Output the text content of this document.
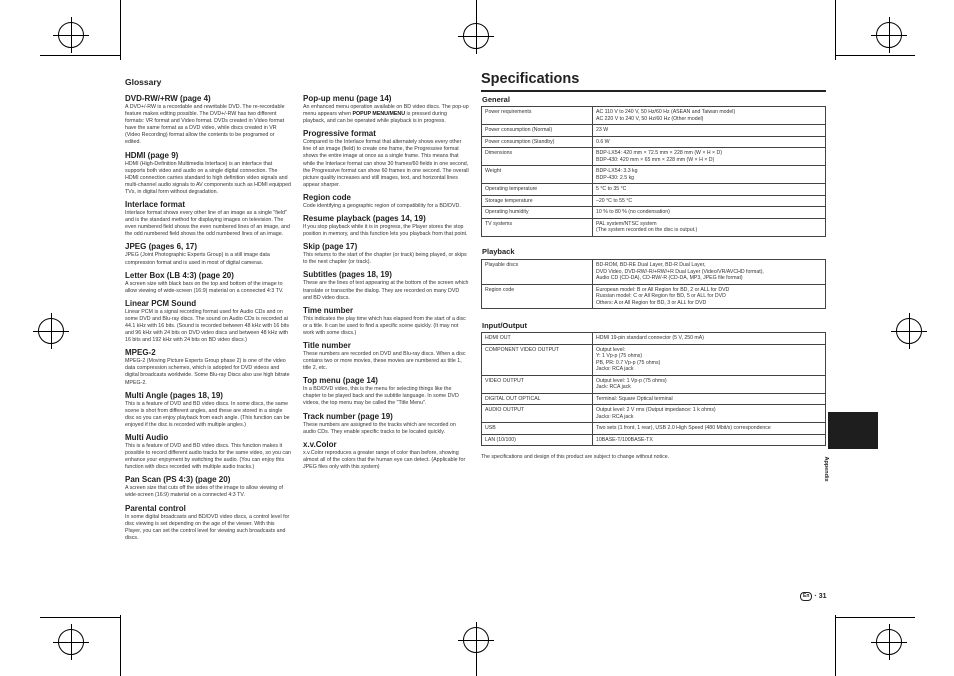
Glossary
DVD-RW/+RW (page 4)
A DVD+/-RW is a recordable and rewritable DVD. The re-recordable feature makes editing possible. The DVD+/-RW has two different formats: VR format and Video format. DVDs created in Video format have the same format as a DVD video, while discs created in VR (Video Recording) format allow the contents to be programed or edited.
HDMI (page 9)
HDMI (High-Definition Multimedia Interface) is an interface that supports both video and audio on a single digital connection. The HDMI connection carries standard to high definition video signals and multi-channel audio signals to AV components such as HDMI equipped TVs, in digital form without degradation.
Interlace format
Interlace format shows every other line of an image as a single "field" and is the standard method for displaying images on television. The even numbered field shows the even numbered lines of an image, and the odd numbered field shows the odd numbered lines of an image.
JPEG (pages 6, 17)
JPEG (Joint Photographic Experts Group) is a still image data compression format and is used in most of digital cameras.
Letter Box (LB 4:3) (page 20)
A screen size with black bars on the top and bottom of the image to allow viewing of wide-screen (16:9) material on a connected 4:3 TV.
Linear PCM Sound
Linear PCM is a signal recording format used for Audio CDs and on some DVD and Blu-ray discs. The sound on Audio CDs is recorded at 44.1 kHz with 16 bits. (Sound is recorded between 48 kHz with 16 bits and 96 kHz with 24 bits on DVD video discs and between 48 kHz with 16 bits and 192 kHz with 24 bits on BD video discs.)
MPEG-2
MPEG-2 (Moving Picture Experts Group phase 2) is one of the video data compression schemes, which is adopted for DVD videos and digital broadcasts worldwide. Some Blu-ray Discs also use high bitrate MPEG-2.
Multi Angle (pages 18, 19)
This is a feature of DVD and BD video discs. In some discs, the same scene is shot from different angles, and these are stored in a single disc so you can enjoy playback from each angle. (This function can be enjoyed if the disc is recorded with multiple angles.)
Multi Audio
This is a feature of DVD and BD video discs. This function makes it possible to record different audio tracks for the same video, so you can enhance your enjoyment by switching the audio. (You can enjoy this function with discs recorded with multiple audio tracks.)
Pan Scan (PS 4:3) (page 20)
A screen size that cuts off the sides of the image to allow viewing of wide-screen (16:9) material on a connected 4:3 TV.
Parental control
In some digital broadcasts and BD/DVD video discs, a control level for disc viewing is set depending on the age of the viewer. With this Player, you can set the control level for viewing such broadcasts and discs.
Pop-up menu (page 14)
An enhanced menu operation available on BD video discs. The pop-up menu appears when POPUP MENU/MENU is pressed during playback, and can be operated while playback is in progress.
Progressive format
Compared to the Interlace format that alternately shows every other line of an image (field) to create one frame, the Progressive format shows the entire image at once as a single frame. This means that while the Interlace format can show 30 frames/60 fields in one second, the Progressive format can show 60 frames in one second. The overall picture quality increases and still images, text, and horizontal lines appear sharper.
Region code
Code identifying a geographic region of compatibility for a BD/DVD.
Resume playback (pages 14, 19)
If you stop playback while it is in progress, the Player stores the stop position in memory, and this function lets you playback from that point.
Skip (page 17)
This returns to the start of the chapter (or track) being played, or skips to the next chapter (or track).
Subtitles (pages 18, 19)
These are the lines of text appearing at the bottom of the screen which translate or transcribe the dialog. They are recorded on many DVD and BD video discs.
Time number
This indicates the play time which has elapsed from the start of a disc or a title. It can be used to find a specific scene quickly. (It may not work with some discs.)
Title number
These numbers are recorded on DVD and Blu-ray discs. When a disc contains two or more movies, these movies are numbered as title 1, title 2, etc.
Top menu (page 14)
In a BD/DVD video, this is the menu for selecting things like the chapter to be played back and the subtitle language. In some DVD videos, the top menu may be called the "Title Menu".
Track number (page 19)
These numbers are assigned to the tracks which are recorded on audio CDs. They enable specific tracks to be located quickly.
x.v.Color
x.v.Color reproduces a greater range of color than before, showing almost all of the colors that the human eye can detect. (Applicable for JPEG files only with this system)
Specifications
General
Power requirements	AC 110 V to 240 V, 50 Hz/60 Hz (ASEAN and Taiwan model)
AC 220 V to 240 V, 50 Hz/60 Hz (Other model)

Power consumption (Normal)	23 W

Power consumption (Standby)	0.6 W

Dimensions	BDP-LX54: 420 mm × 72.5 mm × 228 mm (W × H × D)
BDP-430: 420 mm × 65 mm × 228 mm (W × H × D)

Weight	BDP-LX54: 3.3 kg
BDP-430: 2.5 kg

Operating temperature	5 °C to 35 °C

Storage temperature	–20 °C to 55 °C

Operating humidity	10 % to 80 % (no condensation)

TV systems	PAL system/NTSC system
(The system recorded on the disc is output.)
Playback
Playable discs	BD-ROM, BD-RE Dual Layer, BD-R Dual Layer,
DVD Video, DVD-RW/-R/+RW/+R Dual Layer (Video/VR/AVCHD format),
Audio CD (CD-DA), CD-RW/-R (CD-DA, MP3, JPEG file format)

Region code	European model: B or All Region for BD, 2 or ALL for DVD
Russian model: C or All Region for BD, 5 or ALL for DVD
Others: A or All Region for BD, 3 or ALL for DVD
Input/Output
HDMI OUT	HDMI 19-pin standard connector (5 V, 250 mA)

COMPONENT VIDEO OUTPUT	Output level:
Y: 1 Vp-p (75 ohms)
PB, PR: 0.7 Vp-p (75 ohms)
Jacks: RCA jack

VIDEO OUTPUT	Output level: 1 Vp-p (75 ohms)
Jack: RCA jack

DIGITAL OUT OPTICAL	Terminal: Square Optical terminal

AUDIO OUTPUT	Output level: 2 V rms (Output impedance: 1 k ohms)
Jacks: RCA jack

USB	Two sets (1 front, 1 rear), USB 2.0 High Speed (480 Mbit/s) correspondence

LAN (10/100)	10BASE-T/100BASE-TX
The specifications and design of this product are subject to change without notice.	Appendix
En · 31
